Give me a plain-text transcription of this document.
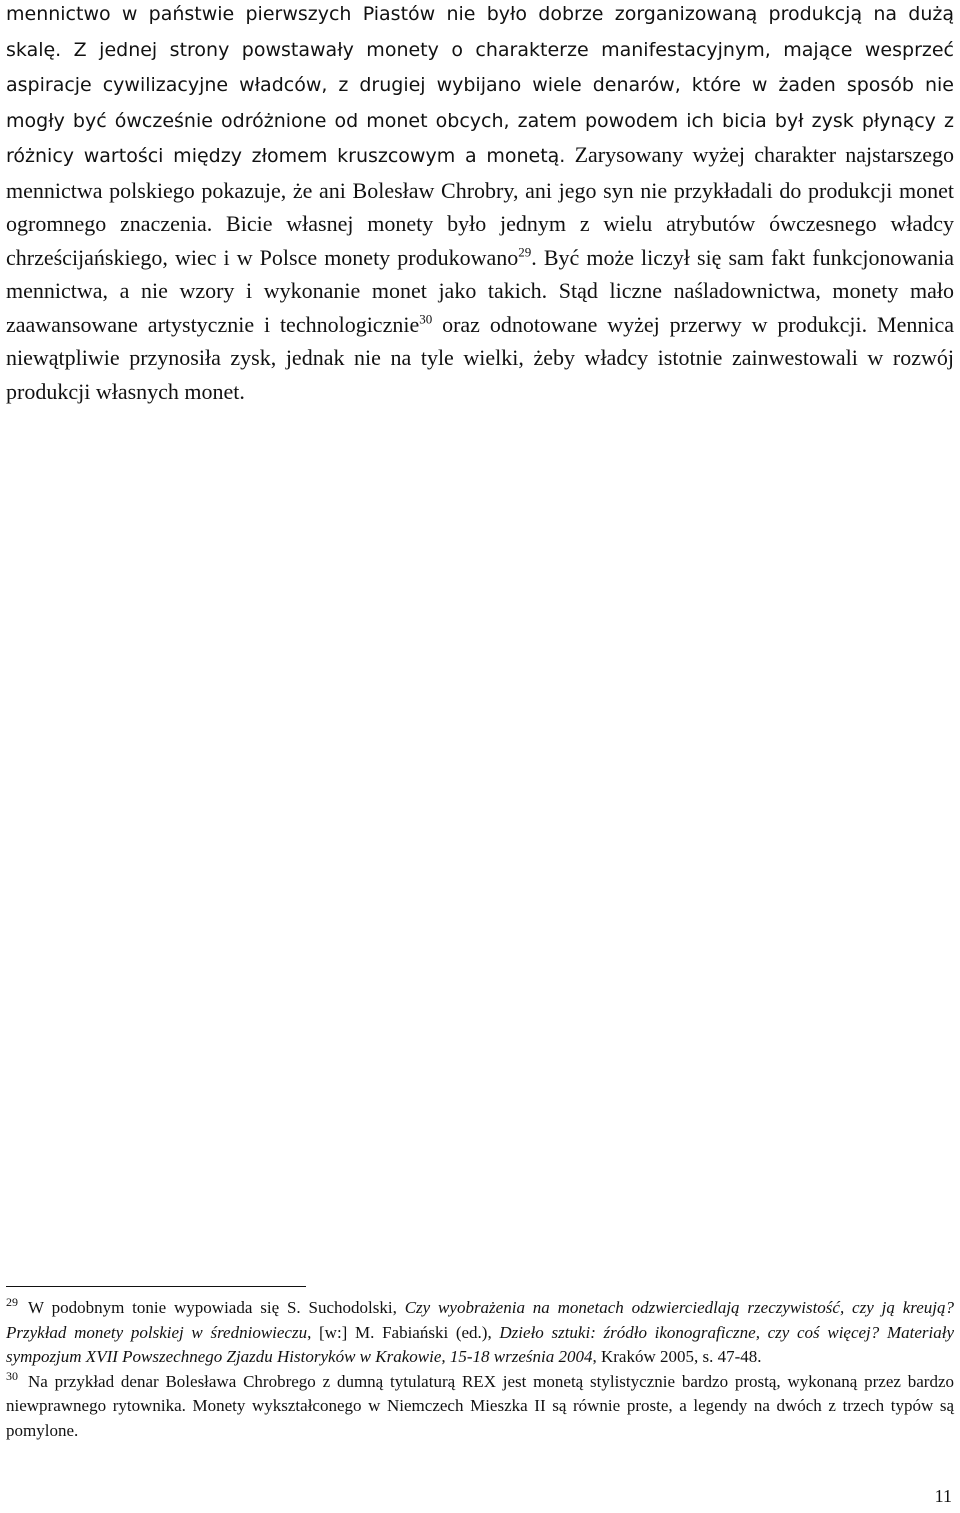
mennictwo w państwie pierwszych Piastów nie było dobrze zorganizowaną produkcją na dużą skalę. Z jednej strony powstawały monety o charakterze manifestacyjnym, mające wesprzeć aspiracje cywilizacyjne władców, z drugiej wybijano wiele denarów, które w żaden sposób nie mogły być ówcześnie odróżnione od monet obcych, zatem powodem ich bicia był zysk płynący z różnicy wartości między złomem kruszcowym a monetą. Zarysowany wyżej charakter najstarszego mennictwa polskiego pokazuje, że ani Bolesław Chrobry, ani jego syn nie przykładali do produkcji monet ogromnego znaczenia. Bicie własnej monety było jednym z wielu atrybutów ówczesnego władcy chrześcijańskiego, wiec i w Polsce monety produkowano$^{29}$. Być może liczył się sam fakt funkcjonowania mennictwa, a nie wzory i wykonanie monet jako takich. Stąd liczne naśladownictwa, monety mało zaawansowane artystycznie i technologicznie$^{30}$ oraz odnotowane wyżej przerwy w produkcji. Mennica niewątpliwie przynosiła zysk, jednak nie na tyle wielki, żeby władcy istotnie zainwestowali w rozwój produkcji własnych monet.

$^{29}$ W podobnym tonie wypowiada się S. Suchodolski, Czy wyobrażenia na monetach odzwierciedlają rzeczywistość, czy ją kreują? Przykład monety polskiej w średniowieczu, [w:] M. Fabiański (ed.), Dzieło sztuki: źródło ikonograficzne, czy coś więcej? Materiały sympozjum XVII Powszechnego Zjazdu Historyków w Krakowie, 15-18 września 2004, Kraków 2005, s. 47-48.

$^{30}$ Na przykład denar Bolesława Chrobrego z dumną tytulaturą REX jest monetą stylistycznie bardzo prostą, wykonaną przez bardzo niewprawnego rytownika. Monety wykształconego w Niemczech Mieszka II są równie proste, a legendy na dwóch z trzech typów są pomylone.

11
